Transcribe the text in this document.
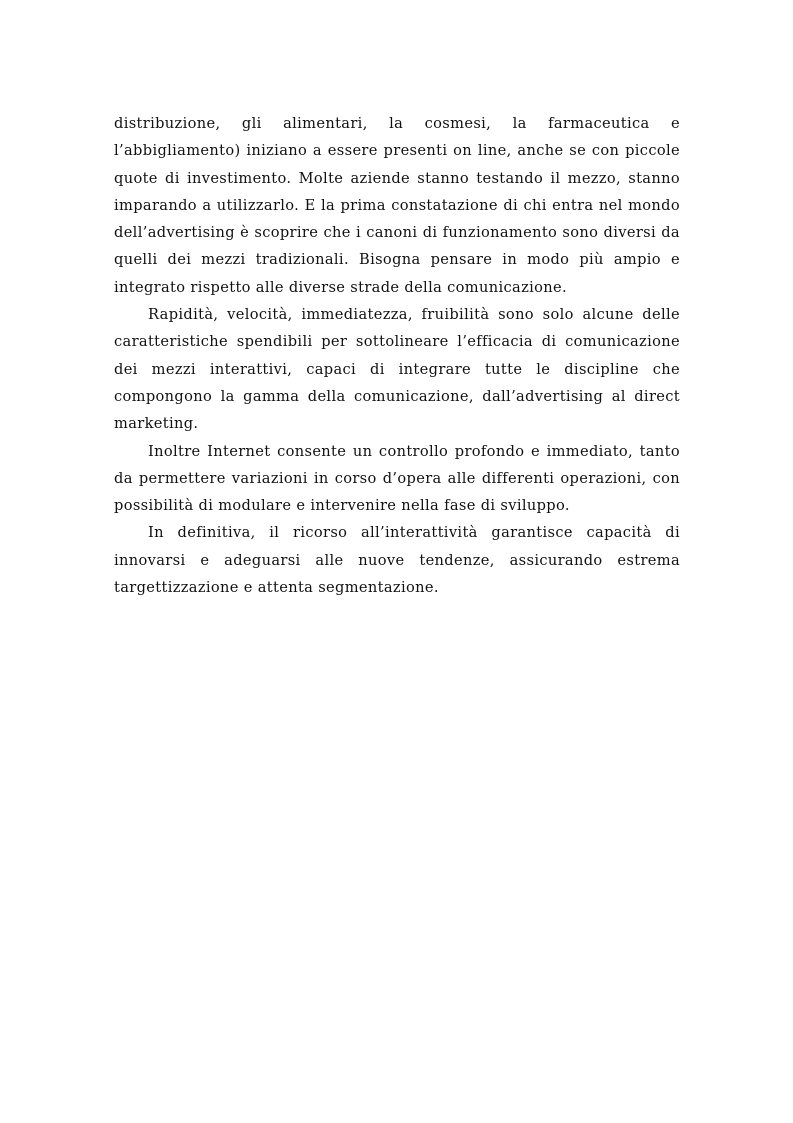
distribuzione, gli alimentari, la cosmesi, la farmaceutica e l’abbigliamento) iniziano a essere presenti on line, anche se con piccole quote di investimento. Molte aziende stanno testando il mezzo, stanno imparando a utilizzarlo. E la prima constatazione di chi entra nel mondo dell’advertising è scoprire che i canoni di funzionamento sono diversi da quelli dei mezzi tradizionali. Bisogna pensare in modo più ampio e integrato rispetto alle diverse strade della comunicazione.

Rapidità, velocità, immediatezza, fruibilità sono solo alcune delle caratteristiche spendibili per sottolineare l’efficacia di comunicazione dei mezzi interattivi, capaci di integrare tutte le discipline che compongono la gamma della comunicazione, dall’advertising al direct marketing.

Inoltre Internet consente un controllo profondo e immediato, tanto da permettere variazioni in corso d’opera alle differenti operazioni, con possibilità di modulare e intervenire nella fase di sviluppo.

In definitiva, il ricorso all’interattività garantisce capacità di innovarsi e adeguarsi alle nuove tendenze, assicurando estrema targettizzazione e attenta segmentazione.
